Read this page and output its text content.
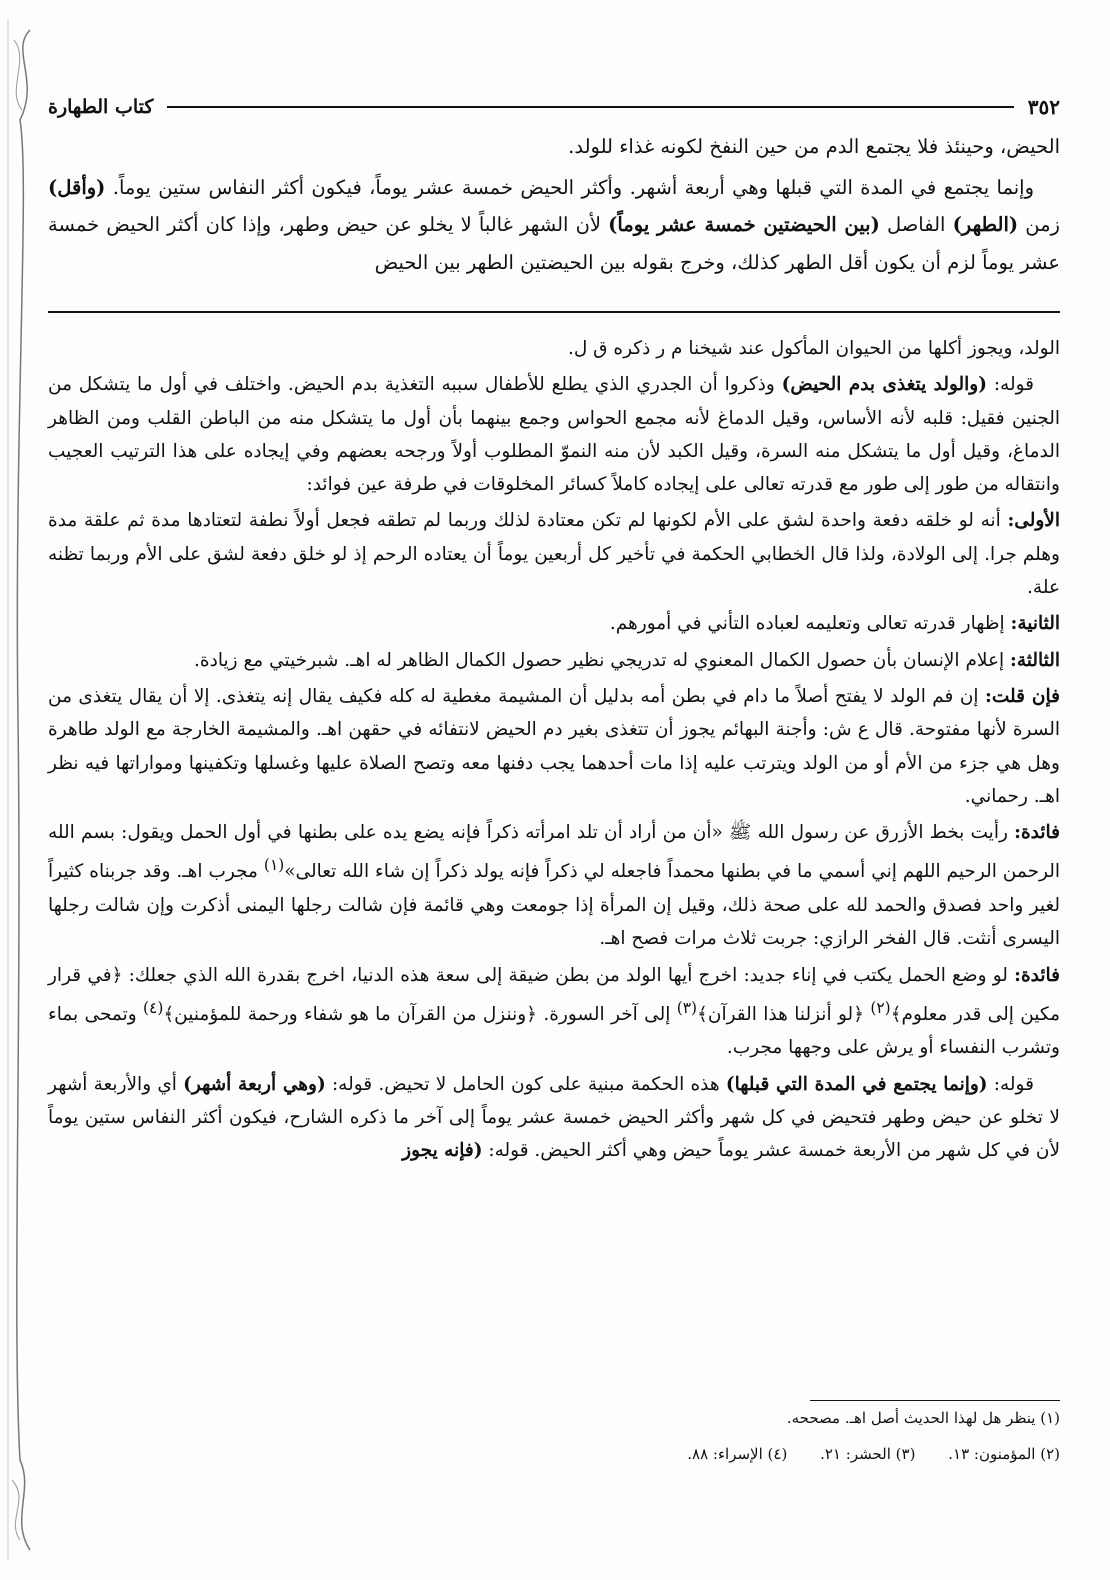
٣٥٢
كتاب الطهارة

الحيض، وحينئذ فلا يجتمع الدم من حين النفخ لكونه غذاء للولد.

وإنما يجتمع في المدة التي قبلها وهي أربعة أشهر. وأكثر الحيض خمسة عشر يوماً، فيكون أكثر النفاس ستين يوماً. (وأقل) زمن (الطهر) الفاصل (بين الحيضتين خمسة عشر يوماً) لأن الشهر غالباً لا يخلو عن حيض وطهر، وإذا كان أكثر الحيض خمسة عشر يوماً لزم أن يكون أقل الطهر كذلك، وخرج بقوله بين الحيضتين الطهر بين الحيض

الولد، ويجوز أكلها من الحيوان المأكول عند شيخنا م ر ذكره ق ل.

قوله: (والولد يتغذى بدم الحيض) وذكروا أن الجدري الذي يطلع للأطفال سببه التغذية بدم الحيض. واختلف في أول ما يتشكل من الجنين فقيل: قلبه لأنه الأساس، وقيل الدماغ لأنه مجمع الحواس وجمع بينهما بأن أول ما يتشكل منه من الباطن القلب ومن الظاهر الدماغ، وقيل أول ما يتشكل منه السرة، وقيل الكبد لأن منه النموّ المطلوب أولاً ورجحه بعضهم وفي إيجاده على هذا الترتيب العجيب وانتقاله من طور إلى طور مع قدرته تعالى على إيجاده كاملاً كسائر المخلوقات في طرفة عين فوائد:

الأولى: أنه لو خلقه دفعة واحدة لشق على الأم لكونها لم تكن معتادة لذلك وربما لم تطقه فجعل أولاً نطفة لتعتادها مدة ثم علقة مدة وهلم جرا. إلى الولادة، ولذا قال الخطابي الحكمة في تأخير كل أربعين يوماً أن يعتاده الرحم إذ لو خلق دفعة لشق على الأم وربما تظنه علة.

الثانية: إظهار قدرته تعالى وتعليمه لعباده التأني في أمورهم.

الثالثة: إعلام الإنسان بأن حصول الكمال المعنوي له تدريجي نظير حصول الكمال الظاهر له اهـ. شبرخيتي مع زيادة.

فإن قلت: إن فم الولد لا يفتح أصلاً ما دام في بطن أمه بدليل أن المشيمة مغطية له كله فكيف يقال إنه يتغذى. إلا أن يقال يتغذى من السرة لأنها مفتوحة. قال ع ش: وأجنة البهائم يجوز أن تتغذى بغير دم الحيض لانتفائه في حقهن اهـ. والمشيمة الخارجة مع الولد طاهرة وهل هي جزء من الأم أو من الولد ويترتب عليه إذا مات أحدهما يجب دفنها معه وتصح الصلاة عليها وغسلها وتكفينها ومواراتها فيه نظر اهـ. رحماني.

فائدة: رأيت بخط الأزرق عن رسول الله ﷺ «أن من أراد أن تلد امرأته ذكراً فإنه يضع يده على بطنها في أول الحمل ويقول: بسم الله الرحمن الرحيم اللهم إني أسمي ما في بطنها محمداً فاجعله لي ذكراً فإنه يولد ذكراً إن شاء الله تعالى»$^{(١)}$ مجرب اهـ. وقد جربناه كثيراً لغير واحد فصدق والحمد لله على صحة ذلك، وقيل إن المرأة إذا جومعت وهي قائمة فإن شالت رجلها اليمنى أذكرت وإن شالت رجلها اليسرى أنثت. قال الفخر الرازي: جربت ثلاث مرات فصح اهـ.

فائدة: لو وضع الحمل يكتب في إناء جديد: اخرج أيها الولد من بطن ضيقة إلى سعة هذه الدنيا، اخرج بقدرة الله الذي جعلك: ﴿في قرار مكين إلى قدر معلوم﴾$^{(٢)}$ ﴿لو أنزلنا هذا القرآن﴾$^{(٣)}$ إلى آخر السورة. ﴿وننزل من القرآن ما هو شفاء ورحمة للمؤمنين﴾$^{(٤)}$ وتمحى بماء وتشرب النفساء أو يرش على وجهها مجرب.

قوله: (وإنما يجتمع في المدة التي قبلها) هذه الحكمة مبنية على كون الحامل لا تحيض. قوله: (وهي أربعة أشهر) أي والأربعة أشهر لا تخلو عن حيض وطهر فتحيض في كل شهر وأكثر الحيض خمسة عشر يوماً إلى آخر ما ذكره الشارح، فيكون أكثر النفاس ستين يوماً لأن في كل شهر من الأربعة خمسة عشر يوماً حيض وهي أكثر الحيض. قوله: (فإنه يجوز

(١) ينظر هل لهذا الحديث أصل اهـ. مصححه.
(٢) المؤمنون: ١٣. (٣) الحشر: ٢١. (٤) الإسراء: ٨٨.
